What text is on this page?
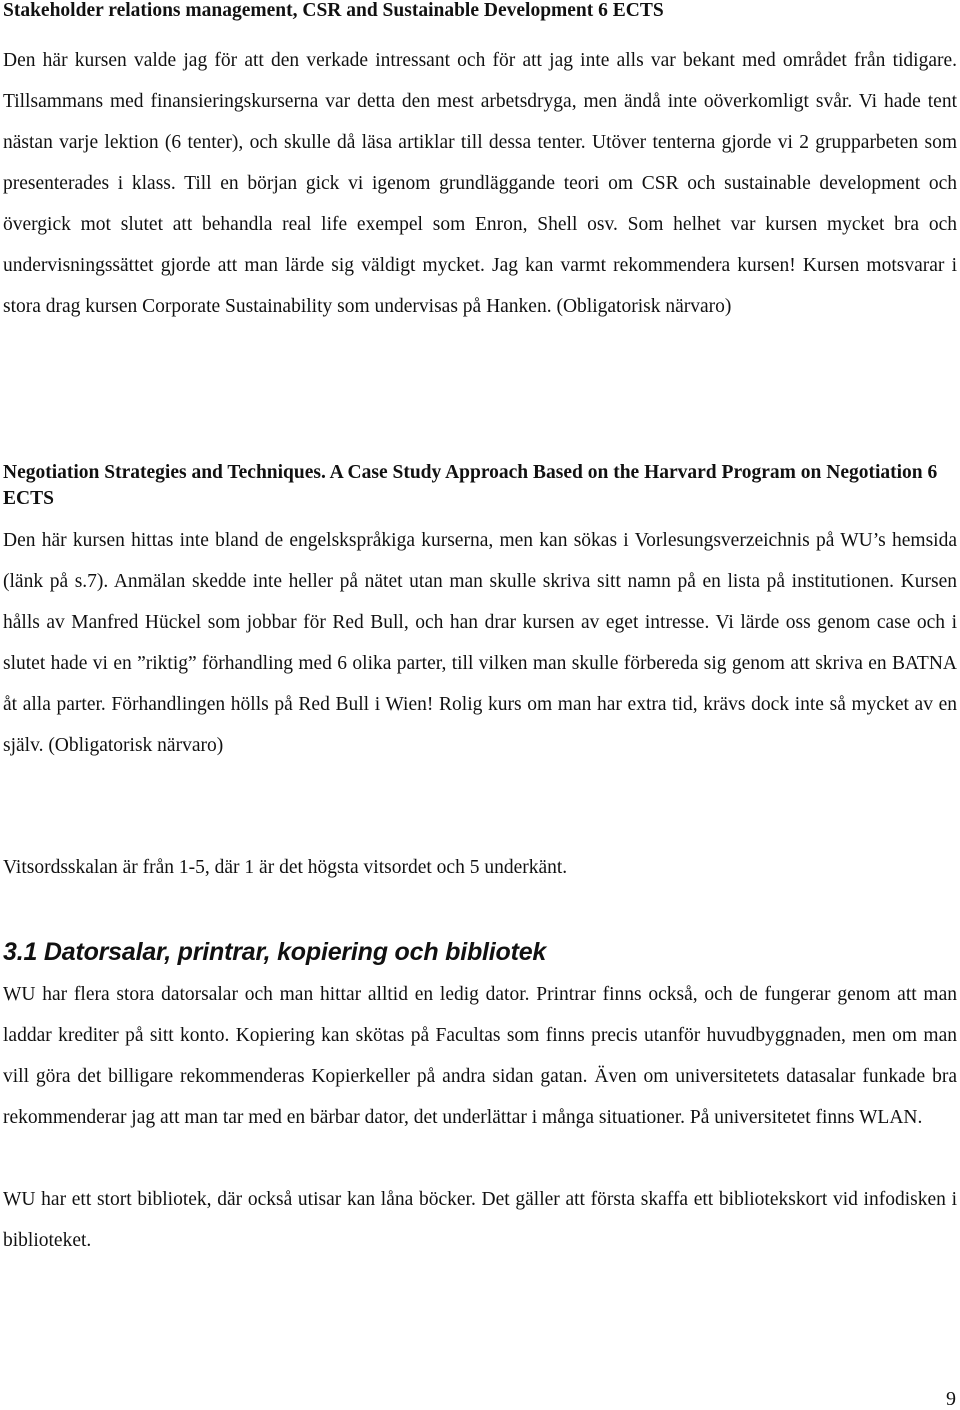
Stakeholder relations management, CSR and Sustainable Development 6 ECTS

Den här kursen valde jag för att den verkade intressant och för att jag inte alls var bekant med området från tidigare. Tillsammans med finansieringskurserna var detta den mest arbetsdryga, men ändå inte oöverkomligt svår. Vi hade tent nästan varje lektion (6 tenter), och skulle då läsa artiklar till dessa tenter. Utöver tenterna gjorde vi 2 grupparbeten som presenterades i klass. Till en början gick vi igenom grundläggande teori om CSR och sustainable development och övergick mot slutet att behandla real life exempel som Enron, Shell osv. Som helhet var kursen mycket bra och undervisningssättet gjorde att man lärde sig väldigt mycket. Jag kan varmt rekommendera kursen! Kursen motsvarar i stora drag kursen Corporate Sustainability som undervisas på Hanken. (Obligatorisk närvaro)

Negotiation Strategies and Techniques. A Case Study Approach Based on the Harvard Program on Negotiation 6 ECTS

Den här kursen hittas inte bland de engelskspråkiga kurserna, men kan sökas i Vorlesungsverzeichnis på WU’s hemsida (länk på s.7). Anmälan skedde inte heller på nätet utan man skulle skriva sitt namn på en lista på institutionen. Kursen hålls av Manfred Hückel som jobbar för Red Bull, och han drar kursen av eget intresse. Vi lärde oss genom case och i slutet hade vi en ”riktig” förhandling med 6 olika parter, till vilken man skulle förbereda sig genom att skriva en BATNA åt alla parter. Förhandlingen hölls på Red Bull i Wien! Rolig kurs om man har extra tid, krävs dock inte så mycket av en själv. (Obligatorisk närvaro)

Vitsordsskalan är från 1-5, där 1 är det högsta vitsordet och 5 underkänt.

3.1 Datorsalar, printrar, kopiering och bibliotek

WU har flera stora datorsalar och man hittar alltid en ledig dator. Printrar finns också, och de fungerar genom att man laddar krediter på sitt konto. Kopiering kan skötas på Facultas som finns precis utanför huvudbyggnaden, men om man vill göra det billigare rekommenderas Kopierkeller på andra sidan gatan. Även om universitetets datasalar funkade bra rekommenderar jag att man tar med en bärbar dator, det underlättar i många situationer. På universitetet finns WLAN.

WU har ett stort bibliotek, där också utisar kan låna böcker. Det gäller att första skaffa ett bibliotekskort vid infodisken i biblioteket.

9
